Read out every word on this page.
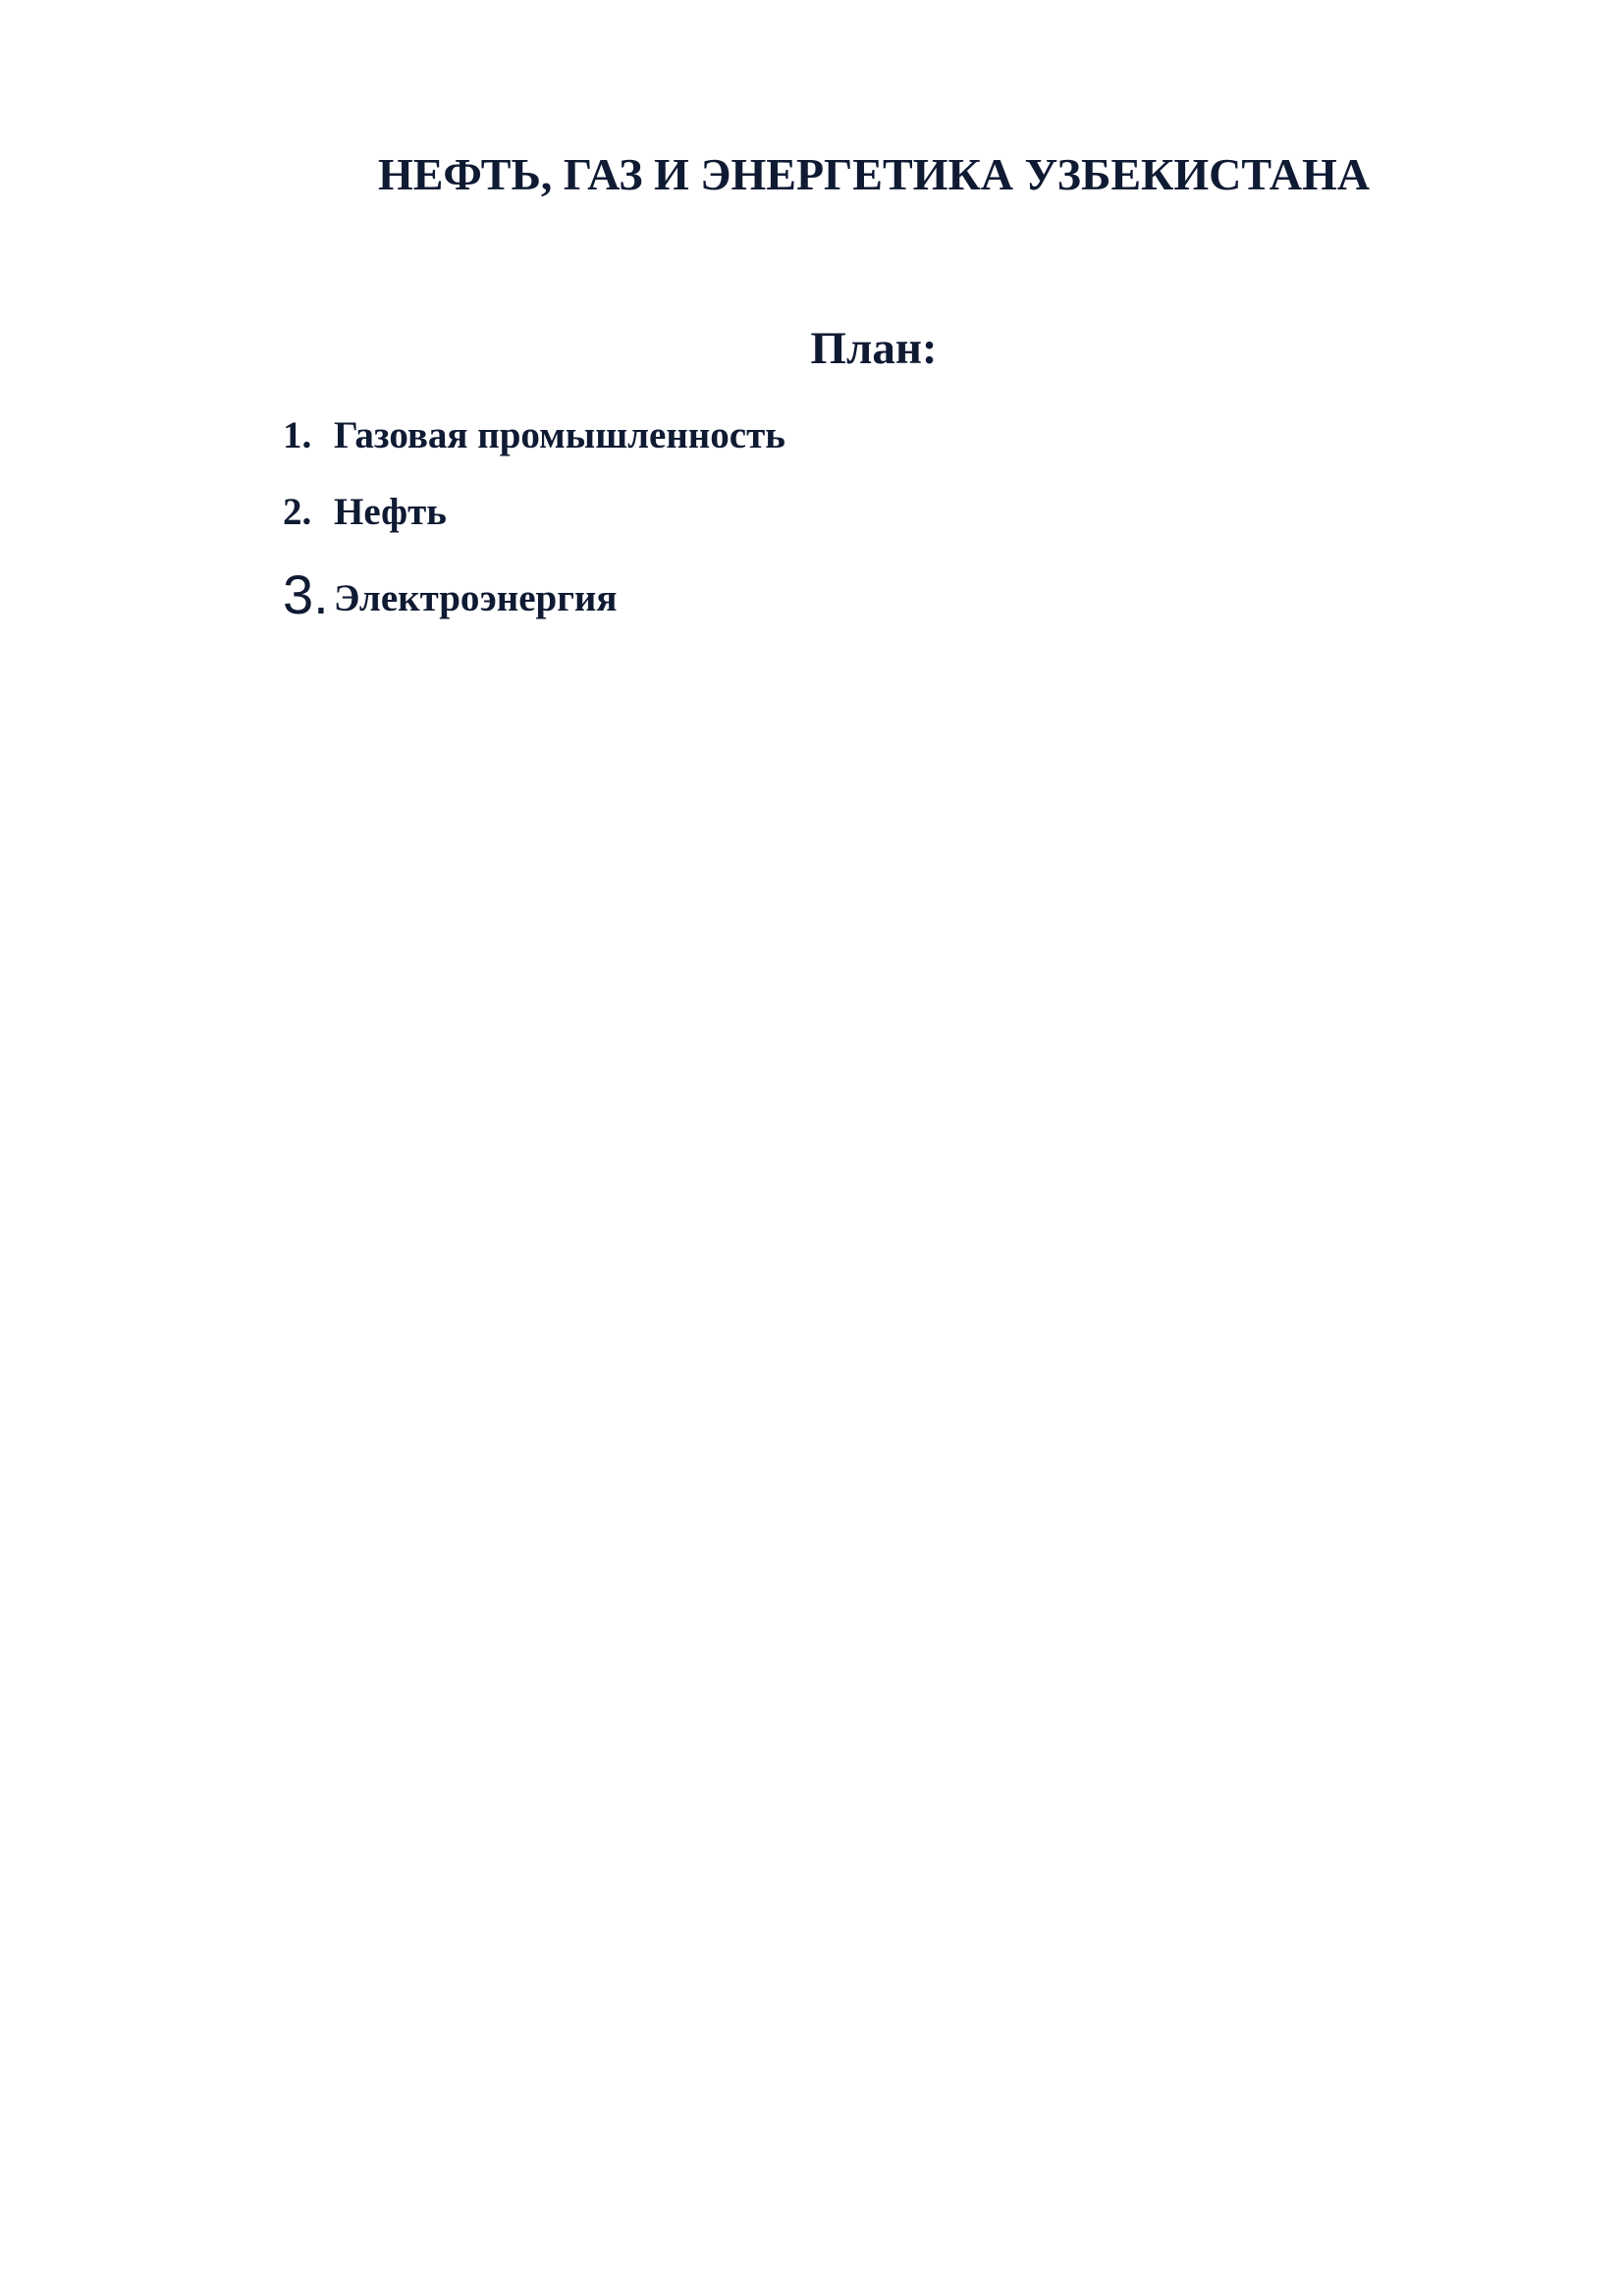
НЕФТЬ, ГАЗ И ЭНЕРГЕТИКА УЗБЕКИСТАНА
План:
1. Газовая промышленность
2. Нефть
3. Электроэнергия
